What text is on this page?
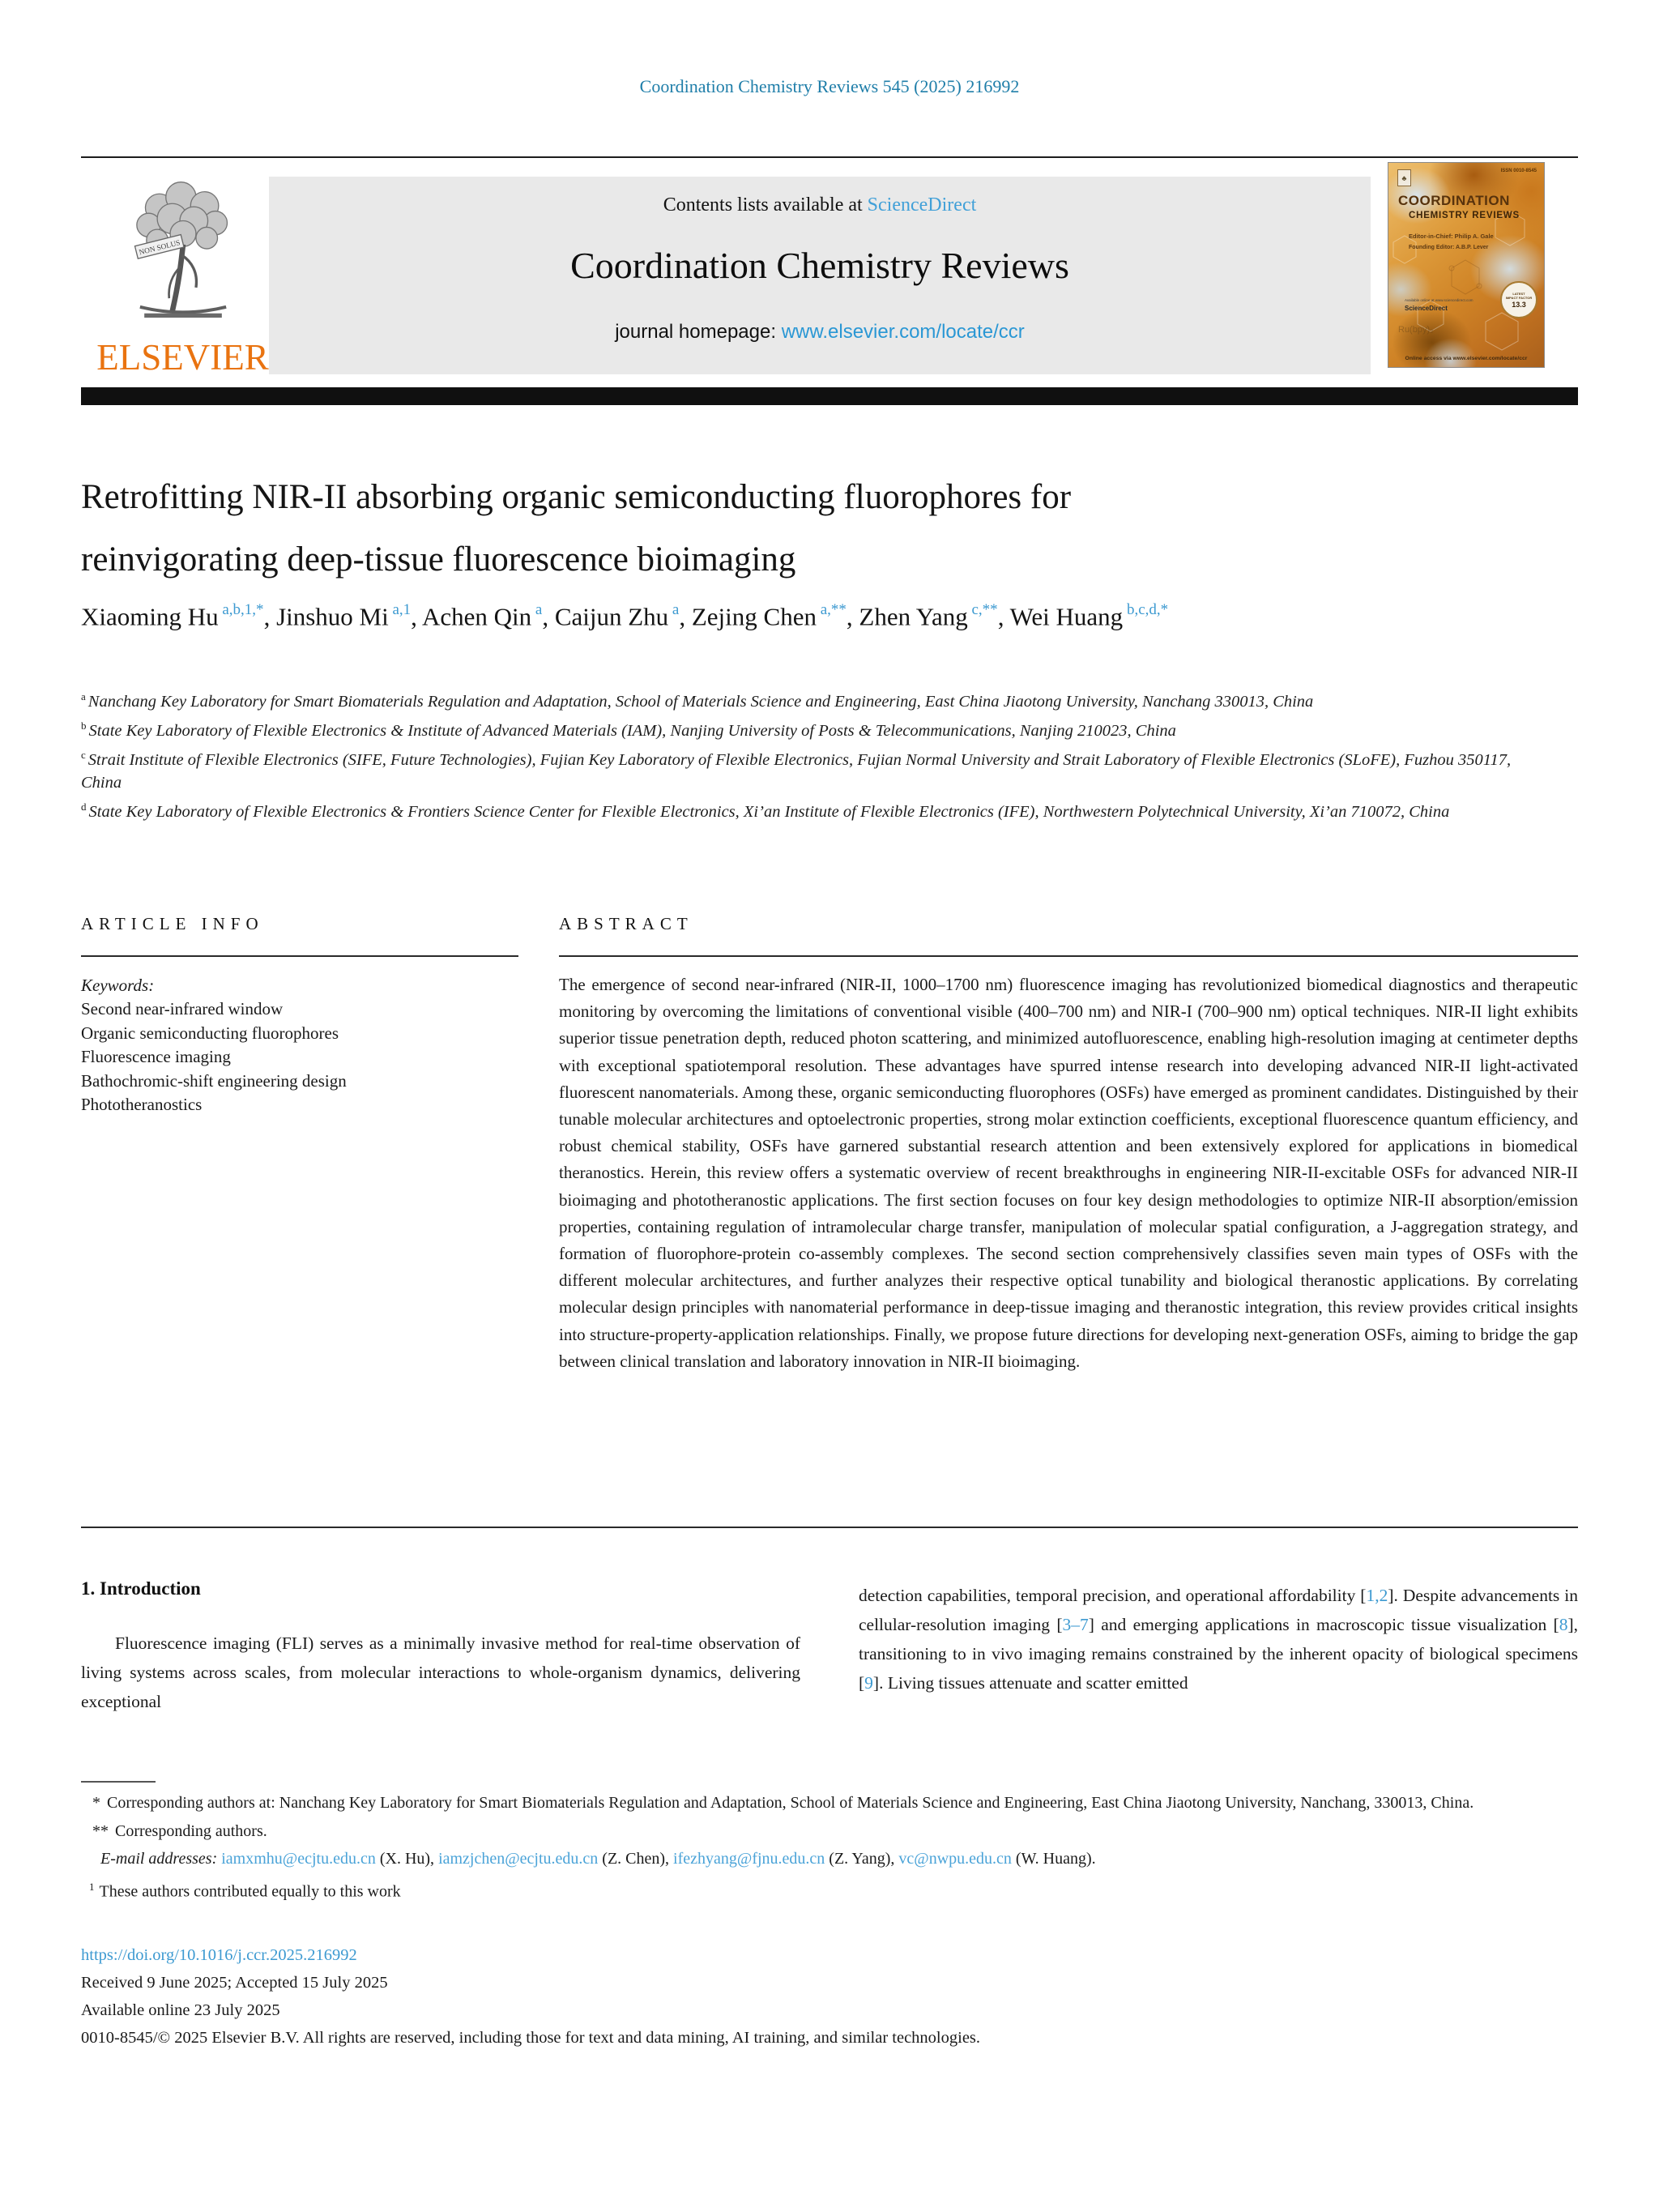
Coordination Chemistry Reviews 545 (2025) 216992
NON SOLUS
ELSEVIER
Contents lists available at ScienceDirect
Coordination Chemistry Reviews
journal homepage: www.elsevier.com/locate/ccr
♣
ISSN 0010-8545
COORDINATION
CHEMISTRY REVIEWS
Editor-in-Chief: Philip A. Gale
Founding Editor: A.B.P. Lever
Available online at www.sciencedirect.com
ScienceDirect
Ru(bpy)₂
LATEST
IMPACT FACTOR
13.3
Online access via www.elsevier.com/locate/ccr
Retrofitting NIR-II absorbing organic semiconducting fluorophores for
reinvigorating deep-tissue fluorescence bioimaging
Xiaoming Hu $^{a,b,1,*}$, Jinshuo Mi $^{a,1}$, Achen Qin $^a$, Caijun Zhu $^a$, Zejing Chen $^{a,**}$, Zhen Yang $^{c,**}$, Wei Huang $^{b,c,d,*}$
$^a$ Nanchang Key Laboratory for Smart Biomaterials Regulation and Adaptation, School of Materials Science and Engineering, East China Jiaotong University, Nanchang 330013, China
$^b$ State Key Laboratory of Flexible Electronics & Institute of Advanced Materials (IAM), Nanjing University of Posts & Telecommunications, Nanjing 210023, China
$^c$ Strait Institute of Flexible Electronics (SIFE, Future Technologies), Fujian Key Laboratory of Flexible Electronics, Fujian Normal University and Strait Laboratory of Flexible Electronics (SLoFE), Fuzhou 350117, China
$^d$ State Key Laboratory of Flexible Electronics & Frontiers Science Center for Flexible Electronics, Xi’an Institute of Flexible Electronics (IFE), Northwestern Polytechnical University, Xi’an 710072, China
ARTICLE INFO
Keywords:
Second near-infrared window
Organic semiconducting fluorophores
Fluorescence imaging
Bathochromic-shift engineering design
Phototheranostics
ABSTRACT
The emergence of second near-infrared (NIR-II, 1000–1700 nm) fluorescence imaging has revolutionized biomedical diagnostics and therapeutic monitoring by overcoming the limitations of conventional visible (400–700 nm) and NIR-I (700–900 nm) optical techniques. NIR-II light exhibits superior tissue penetration depth, reduced photon scattering, and minimized autofluorescence, enabling high-resolution imaging at centimeter depths with exceptional spatiotemporal resolution. These advantages have spurred intense research into developing advanced NIR-II light-activated fluorescent nanomaterials. Among these, organic semiconducting fluorophores (OSFs) have emerged as prominent candidates. Distinguished by their tunable molecular architectures and optoelectronic properties, strong molar extinction coefficients, exceptional fluorescence quantum efficiency, and robust chemical stability, OSFs have garnered substantial research attention and been extensively explored for applications in biomedical theranostics. Herein, this review offers a systematic overview of recent breakthroughs in engineering NIR-II-excitable OSFs for advanced NIR-II bioimaging and phototheranostic applications. The first section focuses on four key design methodologies to optimize NIR-II absorption/emission properties, containing regulation of intramolecular charge transfer, manipulation of molecular spatial configuration, a J-aggregation strategy, and formation of fluorophore-protein co-assembly complexes. The second section comprehensively classifies seven main types of OSFs with the different molecular architectures, and further analyzes their respective optical tunability and biological theranostic applications. By correlating molecular design principles with nanomaterial performance in deep-tissue imaging and theranostic integration, this review provides critical insights into structure-property-application relationships. Finally, we propose future directions for developing next-generation OSFs, aiming to bridge the gap between clinical translation and laboratory innovation in NIR-II bioimaging.
1. Introduction
Fluorescence imaging (FLI) serves as a minimally invasive method for real-time observation of living systems across scales, from molecular interactions to whole-organism dynamics, delivering exceptional
detection capabilities, temporal precision, and operational affordability [1,2]. Despite advancements in cellular-resolution imaging [3–7] and emerging applications in macroscopic tissue visualization [8], transitioning to in vivo imaging remains constrained by the inherent opacity of biological specimens [9]. Living tissues attenuate and scatter emitted
* Corresponding authors at: Nanchang Key Laboratory for Smart Biomaterials Regulation and Adaptation, School of Materials Science and Engineering, East China Jiaotong University, Nanchang, 330013, China.
** Corresponding authors.
E-mail addresses: iamxmhu@ecjtu.edu.cn (X. Hu), iamzjchen@ecjtu.edu.cn (Z. Chen), ifezhyang@fjnu.edu.cn (Z. Yang), vc@nwpu.edu.cn (W. Huang).
$^1$ These authors contributed equally to this work
https://doi.org/10.1016/j.ccr.2025.216992
Received 9 June 2025; Accepted 15 July 2025
Available online 23 July 2025
0010-8545/© 2025 Elsevier B.V. All rights are reserved, including those for text and data mining, AI training, and similar technologies.
